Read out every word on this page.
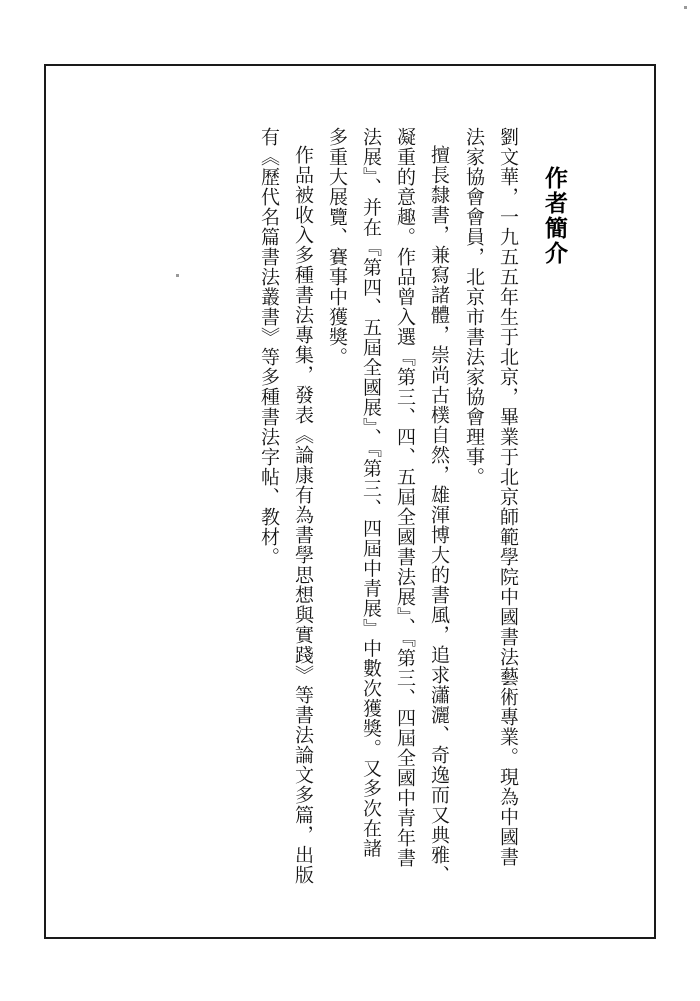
作者簡介
劉文華，一九五五年生于北京，畢業于北京師範學院中國書法藝術專業。現為中國書
法家協會會員，北京市書法家協會理事。
擅長隸書，兼寫諸體，崇尚古樸自然，雄渾博大的書風，追求瀟灑、奇逸而又典雅、
凝重的意趣。作品曾入選『第三、四、五屆全國書法展』、『第三、四屆全國中青年書
法展』、并在『第四、五屆全國展』、『第三、四屆中青展』中數次獲獎。又多次在諸
多重大展覽、賽事中獲獎。
作品被收入多種書法專集，發表《論康有為書學思想與實踐》等書法論文多篇，出版
有《歷代名篇書法叢書》等多種書法字帖、教材。
